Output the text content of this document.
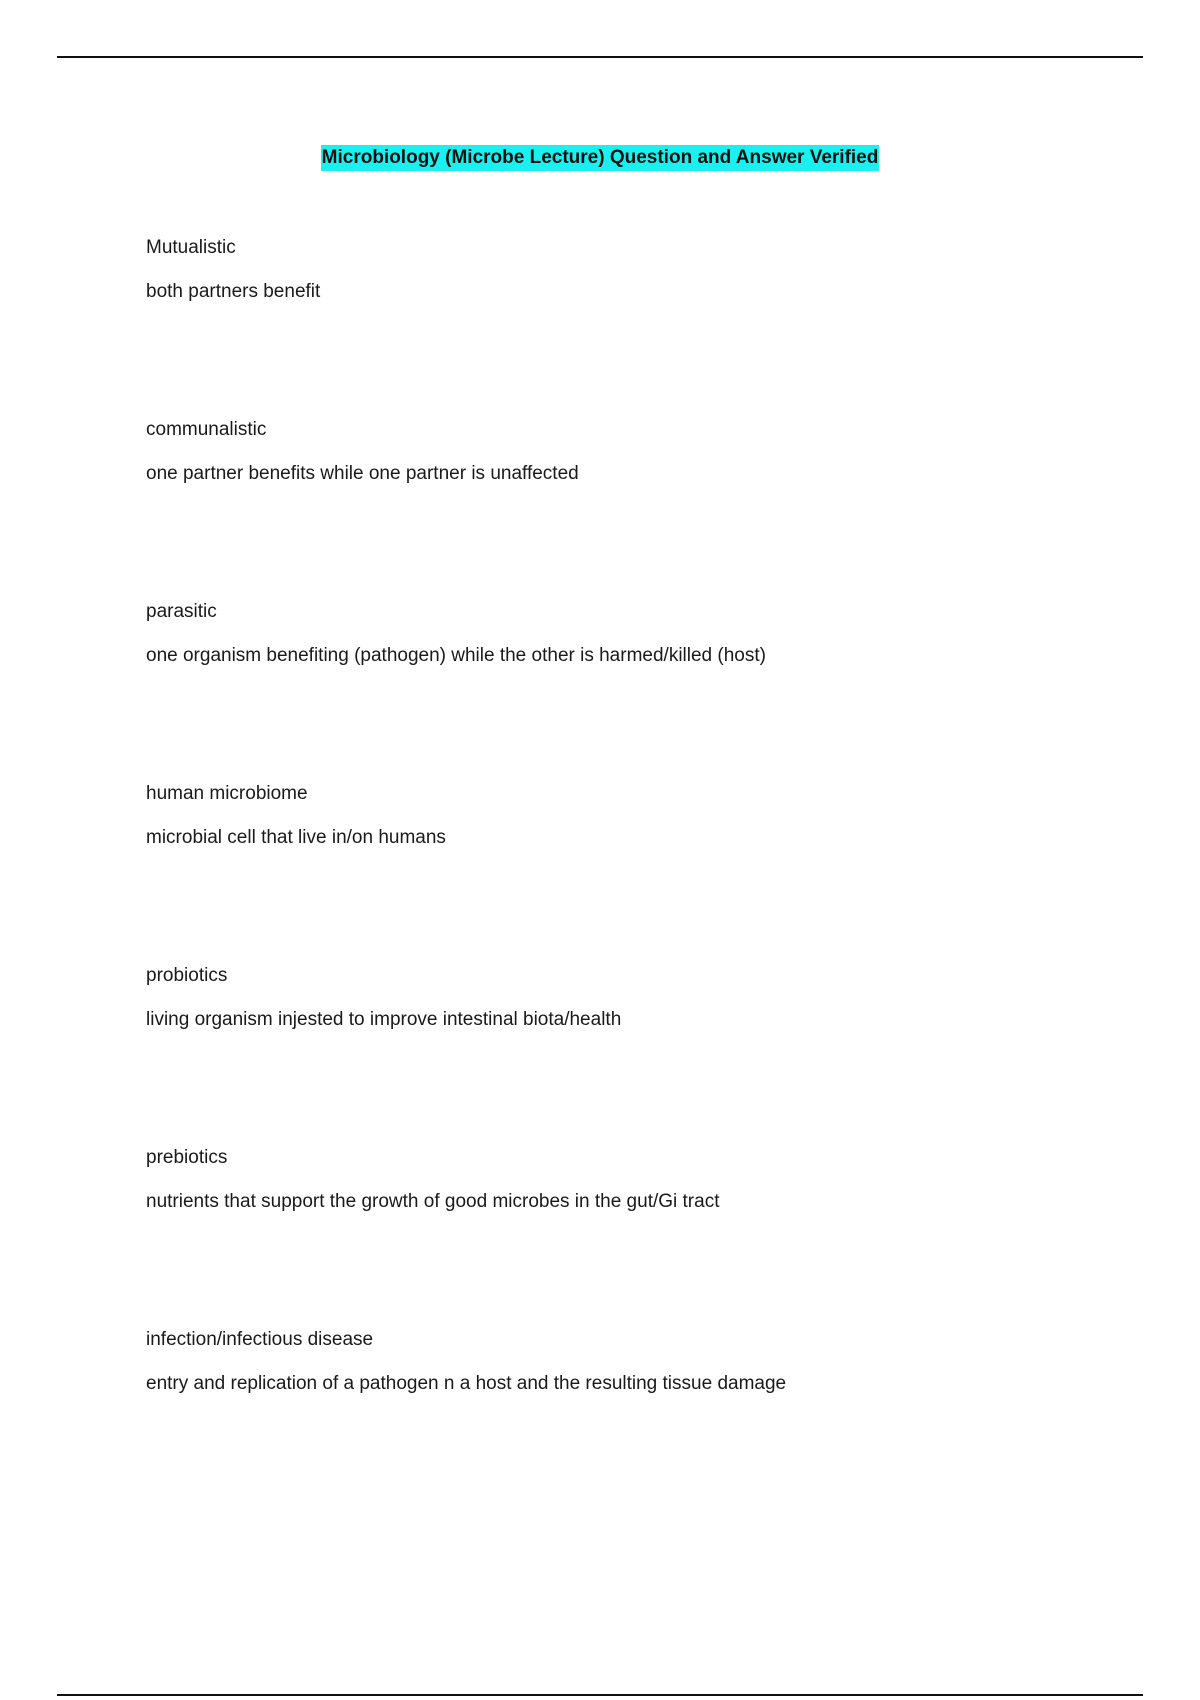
Microbiology (Microbe Lecture) Question and Answer Verified
Mutualistic
both partners benefit
communalistic
one partner benefits while one partner is unaffected
parasitic
one organism benefiting (pathogen) while the other is harmed/killed (host)
human microbiome
microbial cell that live in/on humans
probiotics
living organism injested to improve intestinal biota/health
prebiotics
nutrients that support the growth of good microbes in the gut/Gi tract
infection/infectious disease
entry and replication of a pathogen n a host and the resulting tissue damage
